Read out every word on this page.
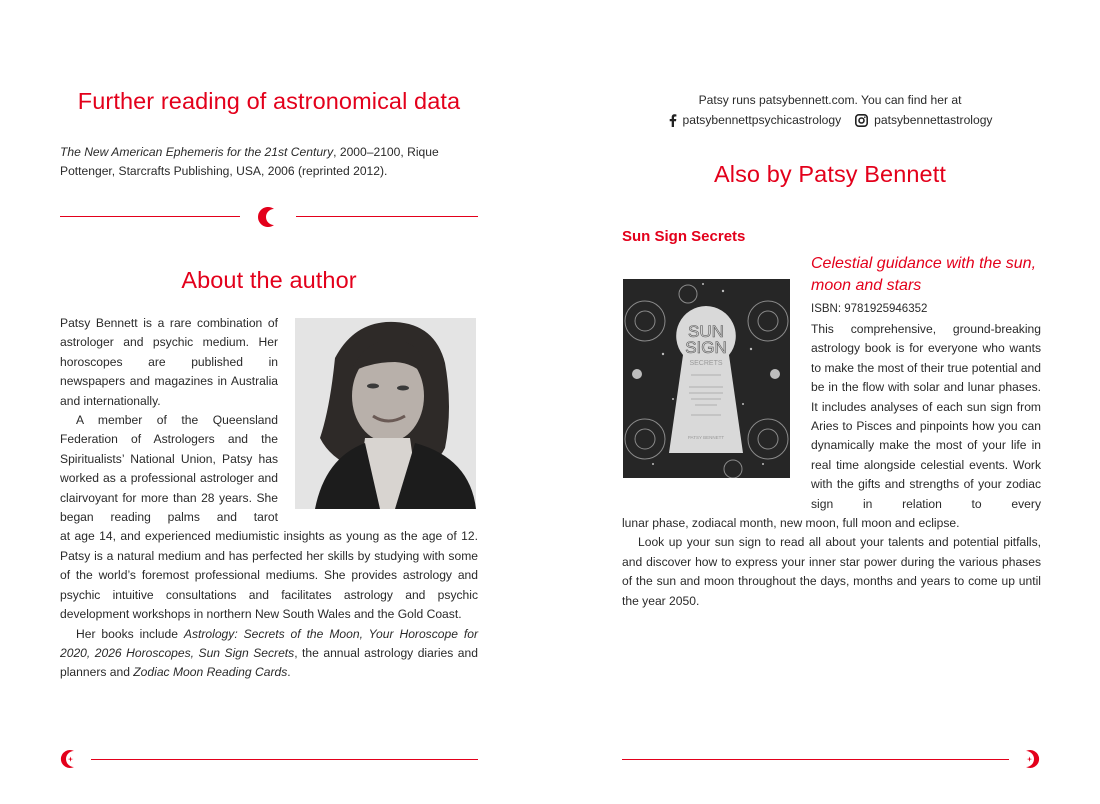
Further reading of astronomical data
The New American Ephemeris for the 21st Century, 2000–2100, Rique Pottenger, Starcrafts Publishing, USA, 2006 (reprinted 2012).
About the author

Patsy Bennett is a rare combination of astrologer and psychic medium. Her horoscopes are published in newspapers and magazines in Australia and internationally.

A member of the Queensland Federation of Astrologers and the Spiritualists’ National Union, Patsy has worked as a professional astrologer and clairvoyant for more than 28 years. She began reading palms and tarot

at age 14, and experienced mediumistic insights as young as the age of 12. Patsy is a natural medium and has perfected her skills by studying with some of the world’s foremost professional mediums. She provides astrology and psychic intuitive consultations and facilitates astrology and psychic development workshops in northern New South Wales and the Gold Coast.

Her books include Astrology: Secrets of the Moon, Your Horoscope for 2020, 2026 Horoscopes, Sun Sign Secrets, the annual astrology diaries and planners and Zodiac Moon Reading Cards.

Patsy runs patsybennett.com. You can find her at
patsybennettpsychicastrology	patsybennettastrology
Also by Patsy Bennett
Sun Sign Secrets
SUN
SIGN
SECRETS
PATSY BENNETT
Celestial guidance with the sun, moon and stars
ISBN: 9781925946352

This comprehensive, ground-breaking astrology book is for everyone who wants to make the most of their true potential and be in the flow with solar and lunar phases. It includes analyses of each sun sign from Aries to Pisces and pinpoints how you can dynamically make the most of your life in real time alongside celestial events. Work with the gifts and strengths of your zodiac sign in relation to every

lunar phase, zodiacal month, new moon, full moon and eclipse.

Look up your sun sign to read all about your talents and potential pitfalls, and discover how to express your inner star power during the various phases of the sun and moon throughout the days, months and years to come up until the year 2050.
